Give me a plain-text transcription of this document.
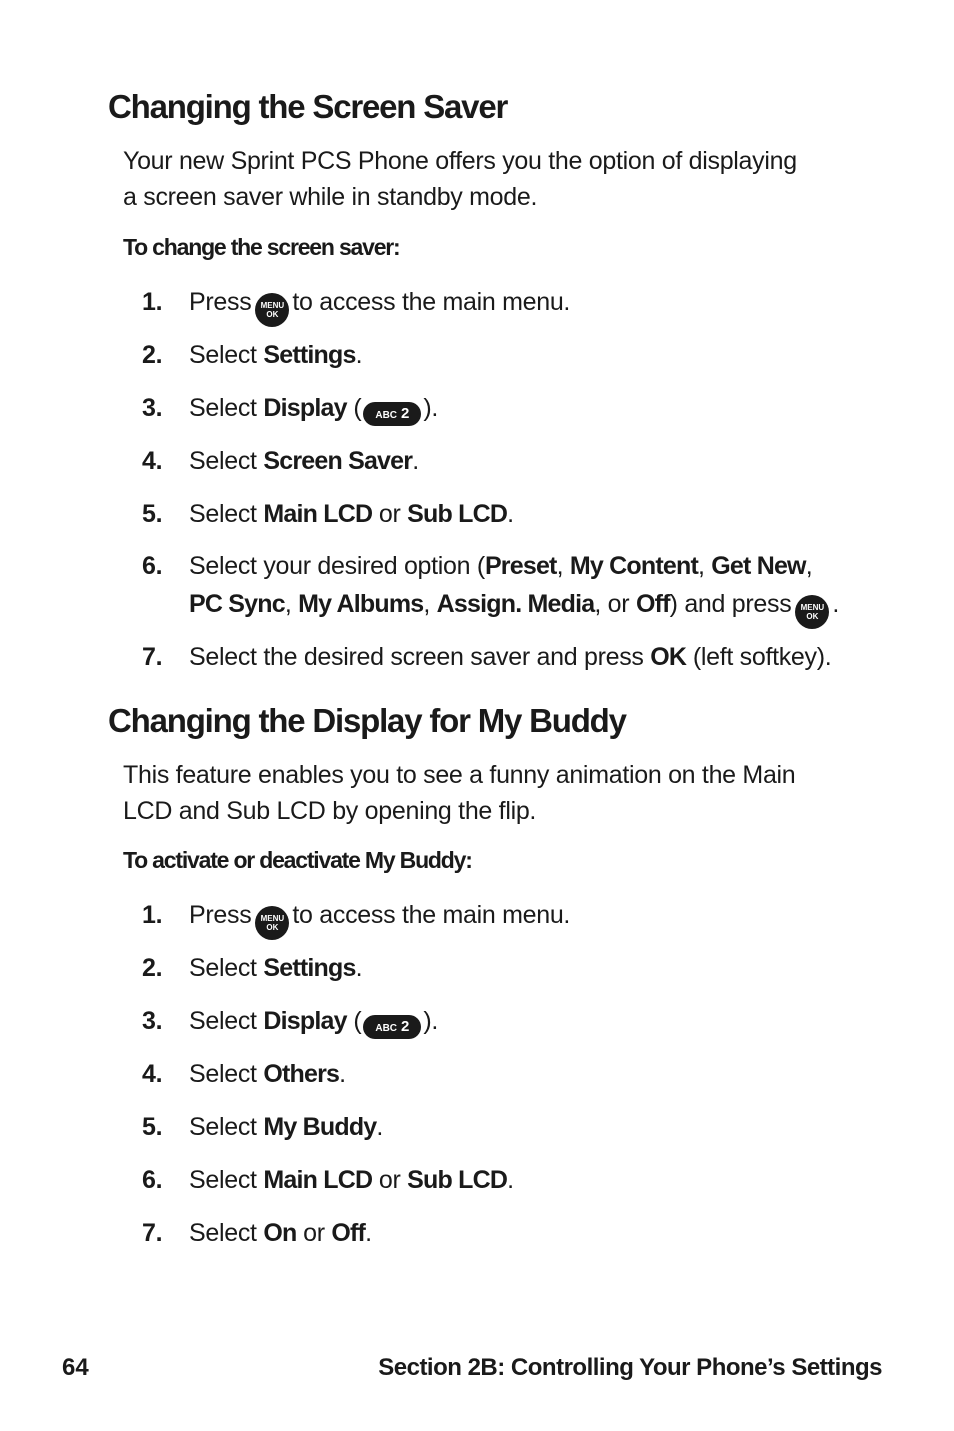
Changing the Screen Saver

Your new Sprint PCS Phone offers you the option of displaying
a screen saver while in standby mode.

To change the screen saver:

1. Press MENU
OK to access the main menu.
2. Select Settings.
3. Select Display ( ABC 2 ).
4. Select Screen Saver.
5. Select Main LCD or Sub LCD.
6. Select your desired option (Preset, My Content, Get New,
PC Sync, My Albums, Assign. Media, or Off) and press MENU
OK .
7. Select the desired screen saver and press OK (left softkey).
Changing the Display for My Buddy

This feature enables you to see a funny animation on the Main
LCD and Sub LCD by opening the flip.

To activate or deactivate My Buddy:

1. Press MENU
OK to access the main menu.
2. Select Settings.
3. Select Display ( ABC 2 ).
4. Select Others.
5. Select My Buddy.
6. Select Main LCD or Sub LCD.
7. Select On or Off.
64	Section 2B: Controlling Your Phone’s Settings
